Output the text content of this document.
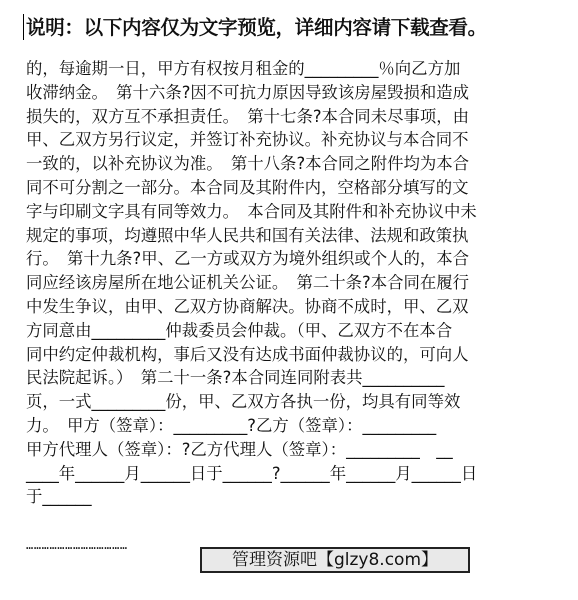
说明：以下内容仅为文字预览，详细内容请下载查看。
的，每逾期一日，甲方有权按月租金的_________％向乙方加
收滞纳金。　第十六条?因不可抗力原因导致该房屋毁损和造成
损失的，双方互不承担责任。　第十七条?本合同未尽事项，由
甲、乙双方另行议定，并签订补充协议。补充协议与本合同不
一致的，以补充协议为准。　第十八条?本合同之附件均为本合
同不可分割之一部分。本合同及其附件内，空格部分填写的文
字与印刷文字具有同等效力。　本合同及其附件和补充协议中未
规定的事项，均遵照中华人民共和国有关法律、法规和政策执
行。　第十九条?甲、乙一方或双方为境外组织或个人的，本合
同应经该房屋所在地公证机关公证。　第二十条?本合同在履行
中发生争议，由甲、乙双方协商解决。协商不成时，甲、乙双
方同意由_________仲裁委员会仲裁。（甲、乙双方不在本合
同中约定仲裁机构，事后又没有达成书面仲裁协议的，可向人
民法院起诉。）　第二十一条?本合同连同附表共__________
页，一式_________份，甲、乙双方各执一份，均具有同等效
力。　甲方（签章）：_________?乙方（签章）：_________
甲方代理人（签章）：?乙方代理人（签章）：_________　__
____年______月______日于______?______年______月______日
于______
…………………………………
管理资源吧【glzy8.com】
